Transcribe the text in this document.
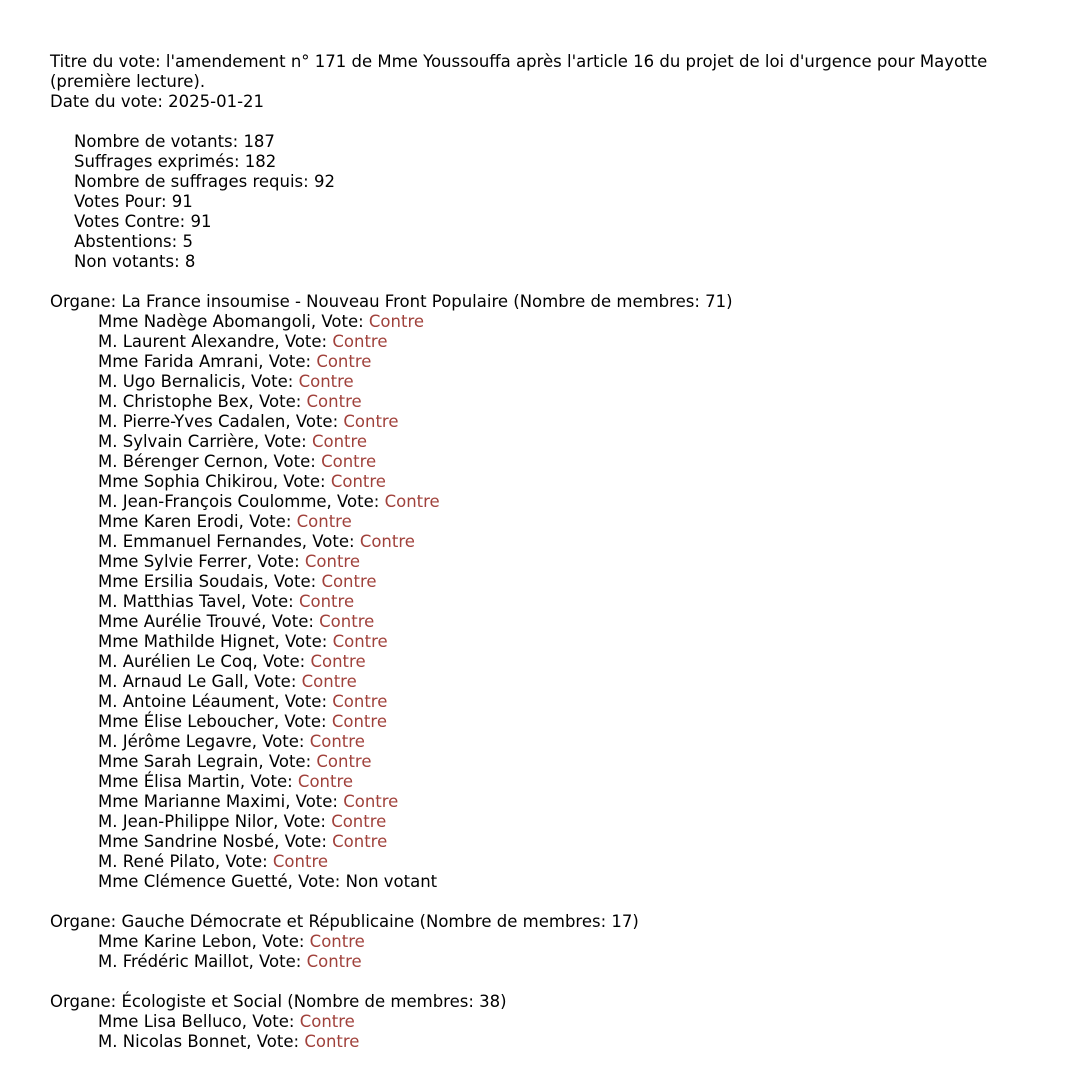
Titre du vote: l'amendement n° 171 de Mme Youssouffa après l'article 16 du projet de loi d'urgence pour Mayotte
(première lecture).
Date du vote: 2025-01-21
Nombre de votants: 187
Suffrages exprimés: 182
Nombre de suffrages requis: 92
Votes Pour: 91
Votes Contre: 91
Abstentions: 5
Non votants: 8
Organe: La France insoumise - Nouveau Front Populaire (Nombre de membres: 71)
Mme Nadège Abomangoli, Vote: Contre
M. Laurent Alexandre, Vote: Contre
Mme Farida Amrani, Vote: Contre
M. Ugo Bernalicis, Vote: Contre
M. Christophe Bex, Vote: Contre
M. Pierre-Yves Cadalen, Vote: Contre
M. Sylvain Carrière, Vote: Contre
M. Bérenger Cernon, Vote: Contre
Mme Sophia Chikirou, Vote: Contre
M. Jean-François Coulomme, Vote: Contre
Mme Karen Erodi, Vote: Contre
M. Emmanuel Fernandes, Vote: Contre
Mme Sylvie Ferrer, Vote: Contre
Mme Ersilia Soudais, Vote: Contre
M. Matthias Tavel, Vote: Contre
Mme Aurélie Trouvé, Vote: Contre
Mme Mathilde Hignet, Vote: Contre
M. Aurélien Le Coq, Vote: Contre
M. Arnaud Le Gall, Vote: Contre
M. Antoine Léaument, Vote: Contre
Mme Élise Leboucher, Vote: Contre
M. Jérôme Legavre, Vote: Contre
Mme Sarah Legrain, Vote: Contre
Mme Élisa Martin, Vote: Contre
Mme Marianne Maximi, Vote: Contre
M. Jean-Philippe Nilor, Vote: Contre
Mme Sandrine Nosbé, Vote: Contre
M. René Pilato, Vote: Contre
Mme Clémence Guetté, Vote: Non votant
Organe: Gauche Démocrate et Républicaine (Nombre de membres: 17)
Mme Karine Lebon, Vote: Contre
M. Frédéric Maillot, Vote: Contre
Organe: Écologiste et Social (Nombre de membres: 38)
Mme Lisa Belluco, Vote: Contre
M. Nicolas Bonnet, Vote: Contre
